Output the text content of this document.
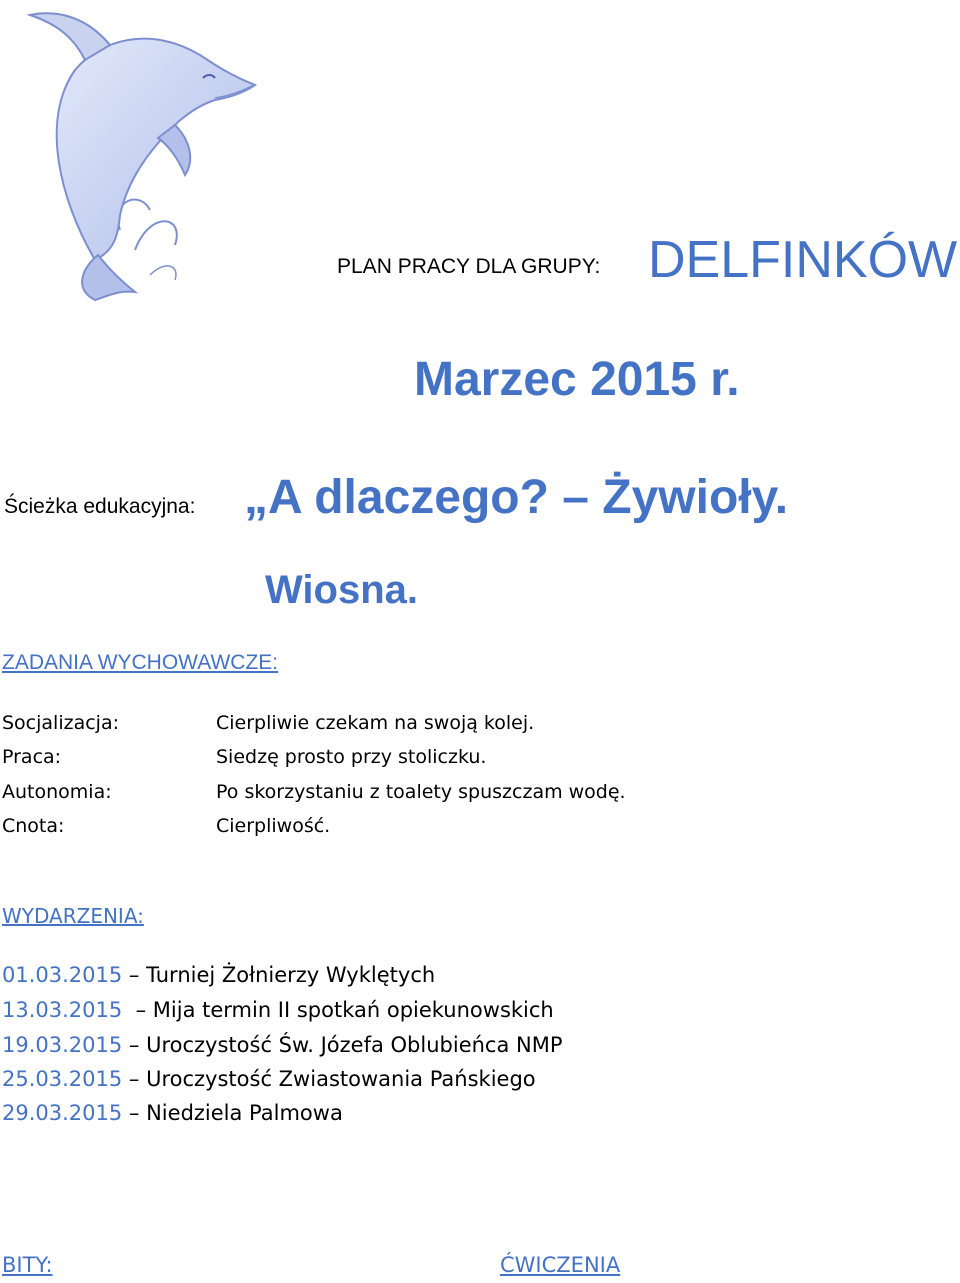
PLAN PRACY DLA GRUPY: DELFINKÓW
Marzec 2015 r.
Ścieżka edukacyjna: „A dlaczego? – Żywioły.
Wiosna.
ZADANIA WYCHOWAWCZE:
Socjalizacja:	Cierpliwie czekam na swoją kolej.
Praca:	Siedzę prosto przy stoliczku.
Autonomia:	Po skorzystaniu z toalety spuszczam wodę.
Cnota:	Cierpliwość.
WYDARZENIA:
01.03.2015 – Turniej Żołnierzy Wyklętych
13.03.2015  – Mija termin II spotkań opiekunowskich
19.03.2015 – Uroczystość Św. Józefa Oblubieńca NMP
25.03.2015 – Uroczystość Zwiastowania Pańskiego
29.03.2015 – Niedziela Palmowa
BITY:	ĆWICZENIA
